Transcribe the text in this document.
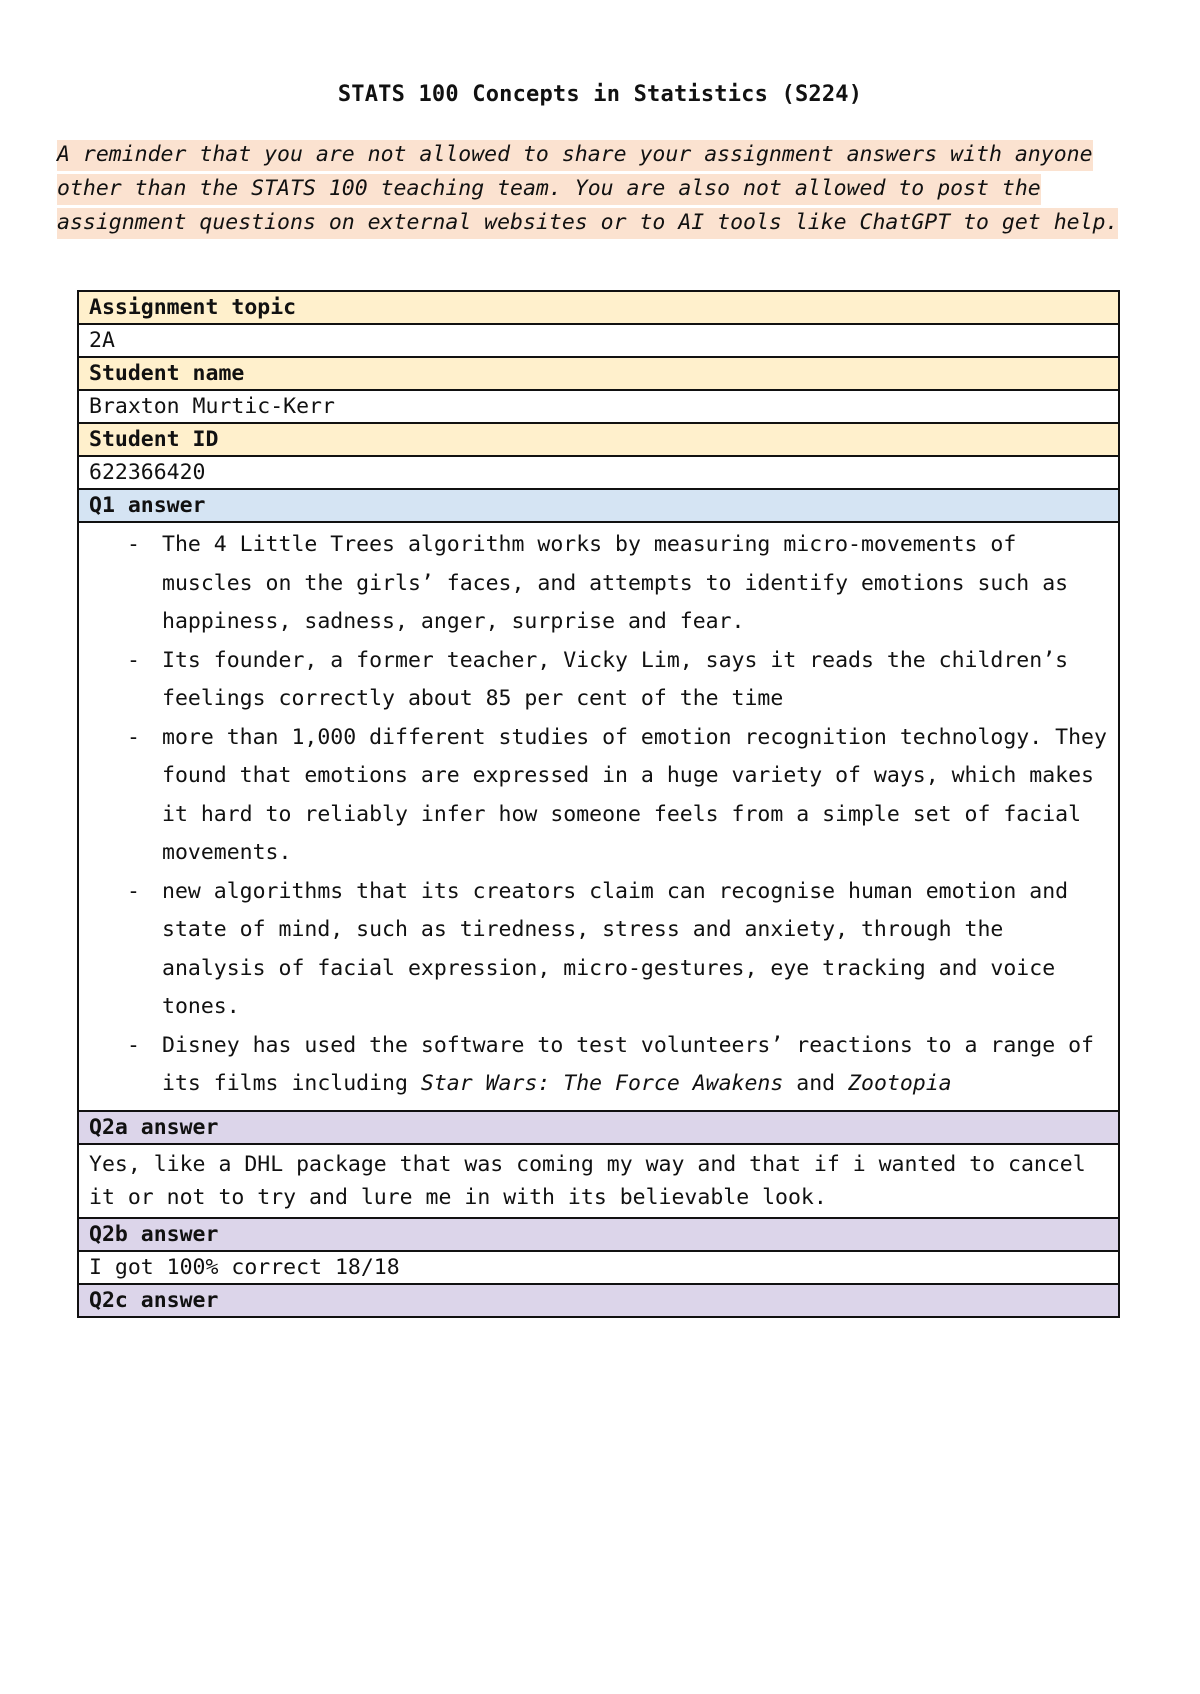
STATS 100 Concepts in Statistics (S224)
A reminder that you are not allowed to share your assignment answers with anyone other than the STATS 100 teaching team. You are also not allowed to post the assignment questions on external websites or to AI tools like ChatGPT to get help.
Assignment topic
2A
Student name
Braxton Murtic-Kerr
Student ID
622366420
Q1 answer

- The 4 Little Trees algorithm works by measuring micro-movements of muscles on the girls’ faces, and attempts to identify emotions such as happiness, sadness, anger, surprise and fear.
- Its founder, a former teacher, Vicky Lim, says it reads the children’s feelings correctly about 85 per cent of the time
- more than 1,000 different studies of emotion recognition technology. They found that emotions are expressed in a huge variety of ways, which makes it hard to reliably infer how someone feels from a simple set of facial movements.
- new algorithms that its creators claim can recognise human emotion and state of mind, such as tiredness, stress and anxiety, through the analysis of facial expression, micro-gestures, eye tracking and voice tones.
- Disney has used the software to test volunteers’ reactions to a range of its films including Star Wars: The Force Awakens and Zootopia

Q2a answer
Yes, like a DHL package that was coming my way and that if i wanted to cancel it or not to try and lure me in with its believable look.
Q2b answer
I got 100% correct 18/18
Q2c answer
